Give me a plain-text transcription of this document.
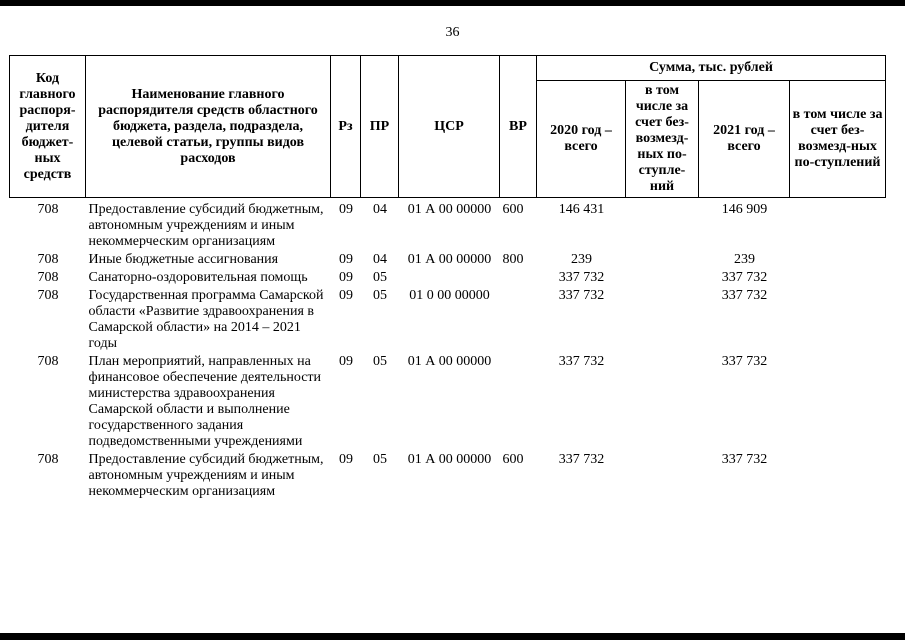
36
Код главного распоря-дителя бюджет-ных средств	Наименование главного распорядителя средств областного бюджета, раздела, подраздела, целевой статьи, группы видов расходов	Рз	ПР	ЦСР	ВР	Сумма, тыс. рублей			
						2020 год – всего	в том числе за счет без-возмезд-ных по-ступле-ний	2021 год – всего	в том числе за счет без-возмезд-ных по-ступлений
708	Предоставление субсидий бюджетным, автономным учреждениям и иным некоммерческим организациям	09	04	01 А 00 00000	600	146 431		146 909	
708	Иные бюджетные ассигнования	09	04	01 А 00 00000	800	239		239	
708	Санаторно-оздоровительная помощь	09	05			337 732		337 732	
708	Государственная программа Самарской области «Развитие здравоохранения в Самарской области» на 2014 – 2021 годы	09	05	01 0 00 00000		337 732		337 732	
708	План мероприятий, направленных на финансовое обеспечение деятельности министерства здравоохранения Самарской области и выполнение государственного задания подведомственными учреждениями	09	05	01 А 00 00000		337 732		337 732	
708	Предоставление субсидий бюджетным, автономным учреждениям и иным некоммерческим организациям	09	05	01 А 00 00000	600	337 732		337 732	
